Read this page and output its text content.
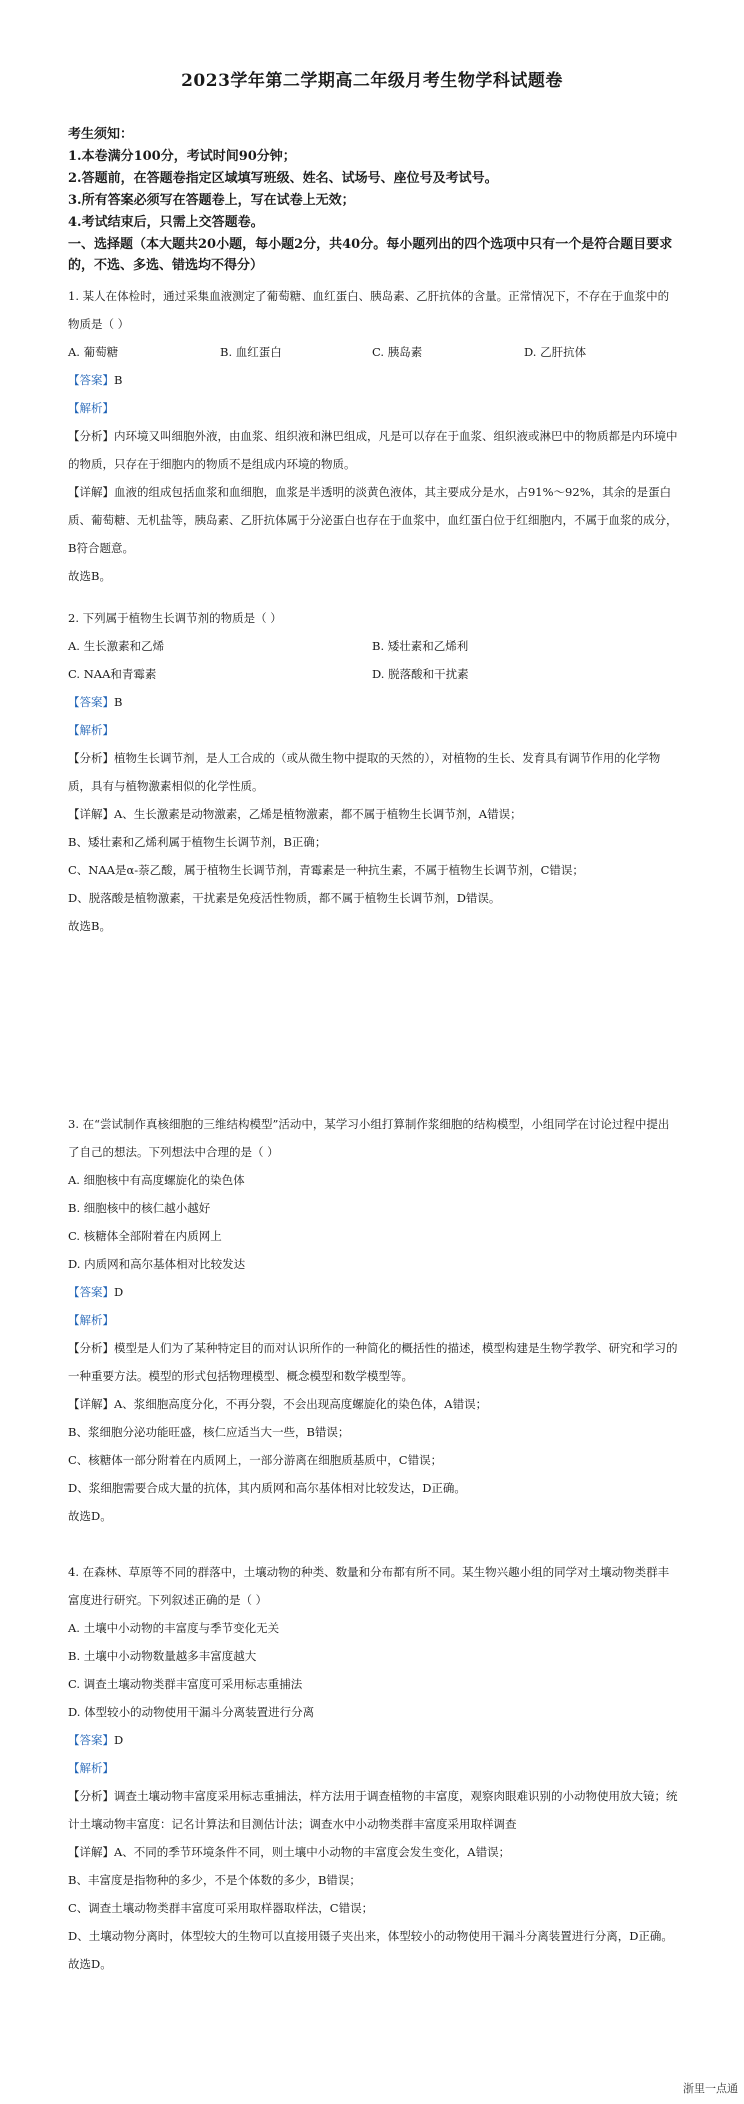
2023学年第二学期高二年级月考生物学科试题卷
考生须知：
1.本卷满分100分，考试时间90分钟；
2.答题前，在答题卷指定区域填写班级、姓名、试场号、座位号及考试号。
3.所有答案必须写在答题卷上，写在试卷上无效；
4.考试结束后，只需上交答题卷。
一、选择题（本大题共20小题，每小题2分，共40分。每小题列出的四个选项中只有一个是符合题目要求的，不选、多选、错选均不得分）

1. 某人在体检时，通过采集血液测定了葡萄糖、血红蛋白、胰岛素、乙肝抗体的含量。正常情况下，不存在于血浆中的物质是（ ）

A. 葡萄糖	B. 血红蛋白	C. 胰岛素	D. 乙肝抗体

【答案】B

【解析】

【分析】内环境又叫细胞外液，由血浆、组织液和淋巴组成，凡是可以存在于血浆、组织液或淋巴中的物质都是内环境中的物质，只存在于细胞内的物质不是组成内环境的物质。

【详解】血液的组成包括血浆和血细胞，血浆是半透明的淡黄色液体，其主要成分是水，占91%～92%，其余的是蛋白质、葡萄糖、无机盐等，胰岛素、乙肝抗体属于分泌蛋白也存在于血浆中，血红蛋白位于红细胞内，不属于血浆的成分，B符合题意。

故选B。

2. 下列属于植物生长调节剂的物质是（ ）

A. 生长激素和乙烯	B. 矮壮素和乙烯利
C. NAA和青霉素	D. 脱落酸和干扰素

【答案】B

【解析】

【分析】植物生长调节剂，是人工合成的（或从微生物中提取的天然的），对植物的生长、发育具有调节作用的化学物质，具有与植物激素相似的化学性质。

【详解】A、生长激素是动物激素，乙烯是植物激素，都不属于植物生长调节剂，A错误；

B、矮壮素和乙烯利属于植物生长调节剂，B正确；

C、NAA是α-萘乙酸，属于植物生长调节剂，青霉素是一种抗生素，不属于植物生长调节剂，C错误；

D、脱落酸是植物激素，干扰素是免疫活性物质，都不属于植物生长调节剂，D错误。

故选B。

3. 在“尝试制作真核细胞的三维结构模型”活动中，某学习小组打算制作浆细胞的结构模型，小组同学在讨论过程中提出了自己的想法。下列想法中合理的是（ ）

A. 细胞核中有高度螺旋化的染色体

B. 细胞核中的核仁越小越好

C. 核糖体全部附着在内质网上

D. 内质网和高尔基体相对比较发达

【答案】D

【解析】

【分析】模型是人们为了某种特定目的而对认识所作的一种简化的概括性的描述，模型构建是生物学教学、研究和学习的一种重要方法。模型的形式包括物理模型、概念模型和数学模型等。

【详解】A、浆细胞高度分化，不再分裂，不会出现高度螺旋化的染色体，A错误；

B、浆细胞分泌功能旺盛，核仁应适当大一些，B错误；

C、核糖体一部分附着在内质网上，一部分游离在细胞质基质中，C错误；

D、浆细胞需要合成大量的抗体，其内质网和高尔基体相对比较发达，D正确。

故选D。

4. 在森林、草原等不同的群落中，土壤动物的种类、数量和分布都有所不同。某生物兴趣小组的同学对土壤动物类群丰富度进行研究。下列叙述正确的是（ ）

A. 土壤中小动物的丰富度与季节变化无关

B. 土壤中小动物数量越多丰富度越大

C. 调查土壤动物类群丰富度可采用标志重捕法

D. 体型较小的动物使用干漏斗分离装置进行分离

【答案】D

【解析】

【分析】调查土壤动物丰富度采用标志重捕法，样方法用于调查植物的丰富度，观察肉眼难识别的小动物使用放大镜；统计土壤动物丰富度：记名计算法和目测估计法；调查水中小动物类群丰富度采用取样调查

【详解】A、不同的季节环境条件不同，则土壤中小动物的丰富度会发生变化，A错误；

B、丰富度是指物种的多少，不是个体数的多少，B错误；

C、调查土壤动物类群丰富度可采用取样器取样法，C错误；

D、土壤动物分离时，体型较大的生物可以直接用镊子夹出来，体型较小的动物使用干漏斗分离装置进行分离，D正确。

故选D。

浙里一点通
